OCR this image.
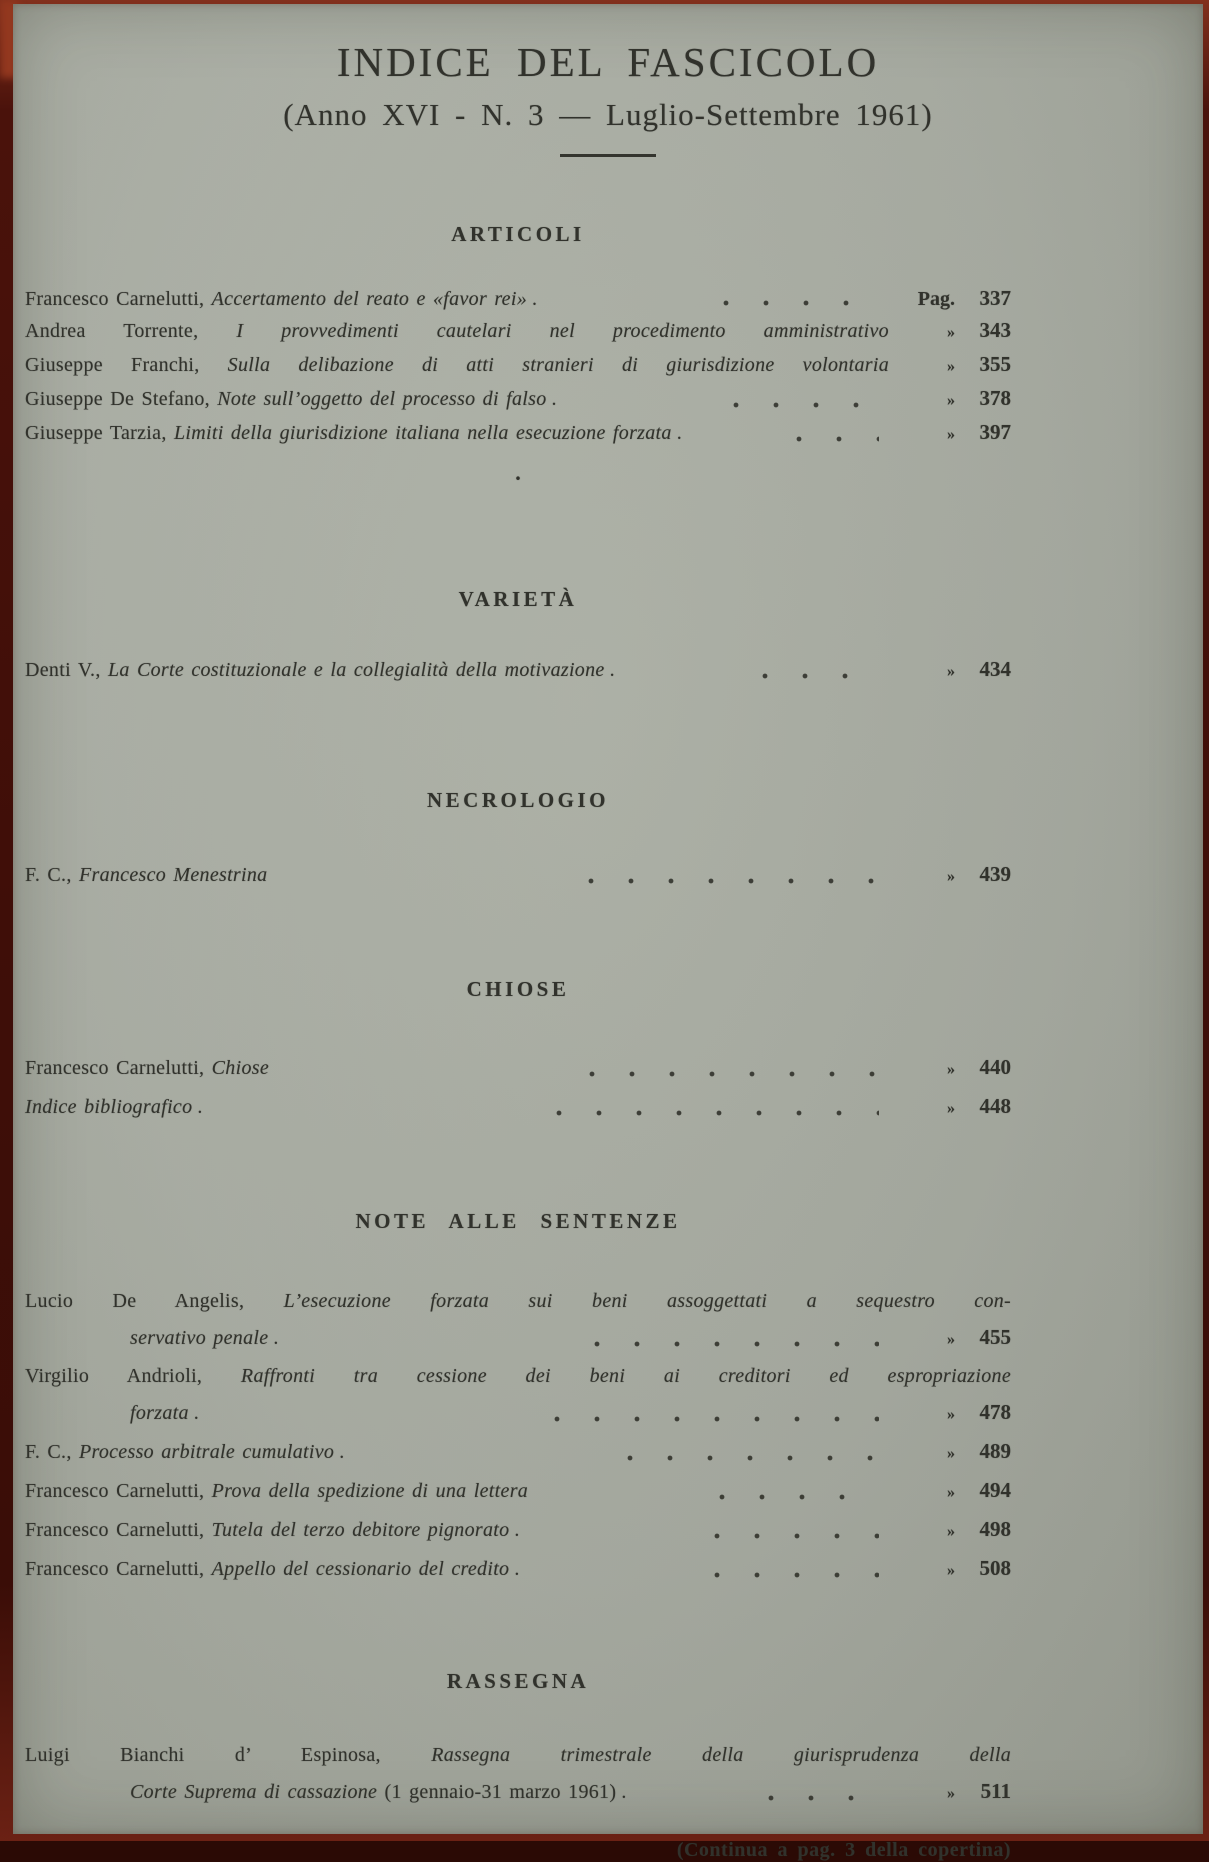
INDICE DEL FASCICOLO
(Anno XVI - N. 3 — Luglio-Settembre 1961)
ARTICOLI
Francesco Carnelutti, Accertamento del reato e «favor rei» .	Pag.	337
Andrea Torrente, I provvedimenti cautelari nel procedimento amministrativo	»	343
Giuseppe Franchi, Sulla delibazione di atti stranieri di giurisdizione volontaria	»	355
Giuseppe De Stefano, Note sull’oggetto del processo di falso .	»	378
Giuseppe Tarzia, Limiti della giurisdizione italiana nella esecuzione forzata .	»	397
.
VARIETÀ
Denti V., La Corte costituzionale e la collegialità della motivazione .	»	434
NECROLOGIO
F. C., Francesco Menestrina	»	439
CHIOSE
Francesco Carnelutti, Chiose	»	440
Indice bibliografico .	»	448
NOTE ALLE SENTENZE
Lucio De Angelis, L’esecuzione forzata sui beni assoggettati a sequestro con-
servativo penale .	»	455
Virgilio Andrioli, Raffronti tra cessione dei beni ai creditori ed espropriazione
forzata .	»	478
F. C., Processo arbitrale cumulativo .	»	489
Francesco Carnelutti, Prova della spedizione di una lettera	»	494
Francesco Carnelutti, Tutela del terzo debitore pignorato .	»	498
Francesco Carnelutti, Appello del cessionario del credito .	»	508
RASSEGNA
Luigi Bianchi d’ Espinosa, Rassegna trimestrale della giurisprudenza della
Corte Suprema di cassazione (1 gennaio-31 marzo 1961) .	»	511
(Continua a pag. 3 della copertina)
